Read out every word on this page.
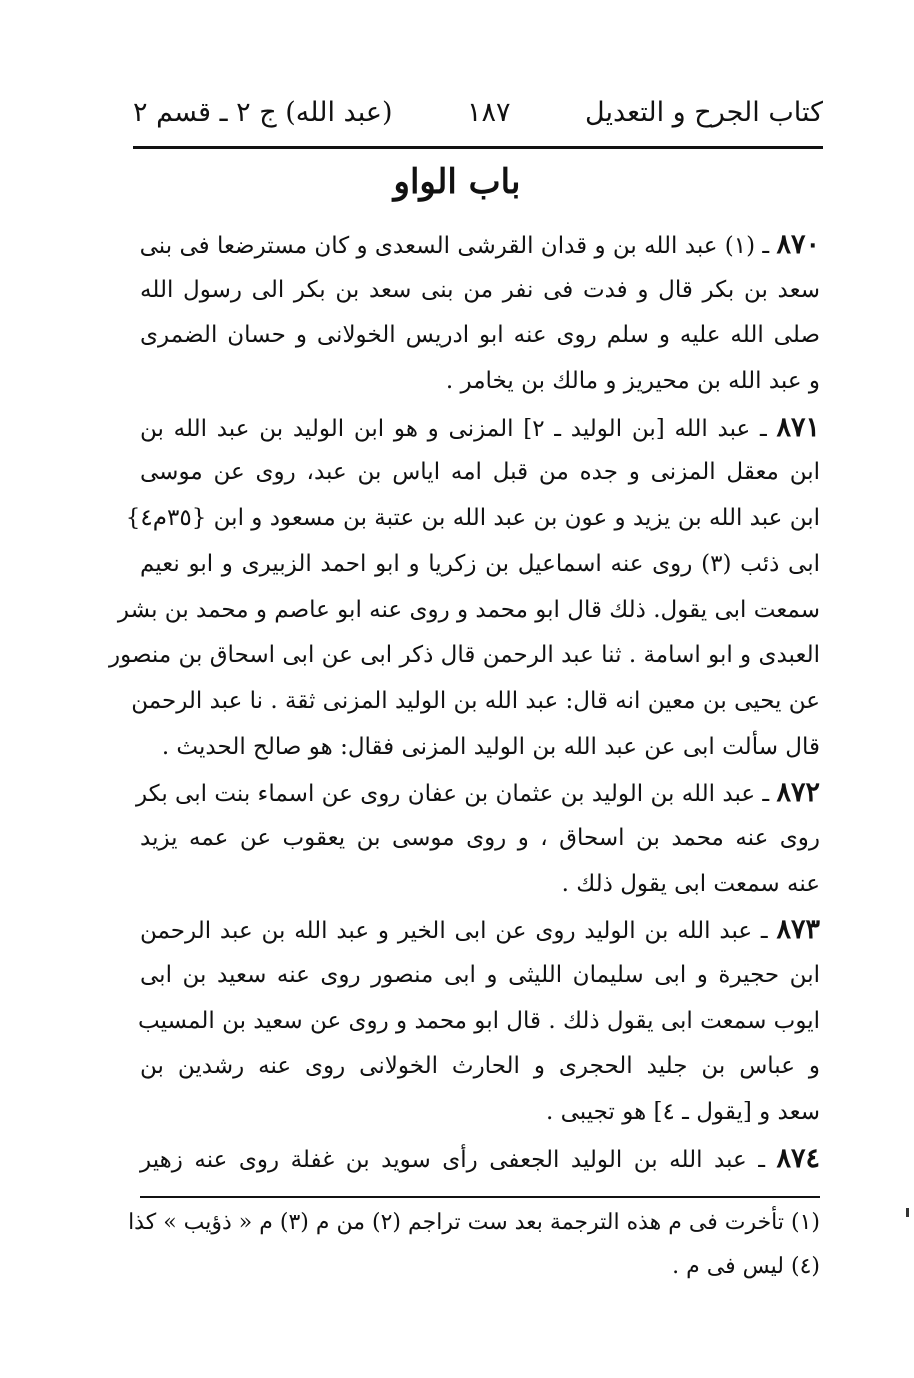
كتاب الجرح و التعديل
١٨٧
(عبد الله) ج ٢ ـ قسم ٢
باب الواو
٨٧٠ ـ (١) عبد الله بن و قدان القرشى السعدى و كان مسترضعا فى بنى
سعد بن بكر قال و فدت فى نفر من بنى سعد بن بكر الى رسول الله
صلى الله عليه و سلم روى عنه ابو ادريس الخولانى و حسان الضمرى
و عبد الله بن محيريز و مالك بن يخامر .
٨٧١ ـ عبد الله [بن الوليد ـ ٢] المزنى و هو ابن الوليد بن عبد الله بن
ابن معقل المزنى و جده من قبل امه اياس بن عبد، روى عن موسى
ابن عبد الله بن يزيد و عون بن عبد الله بن عتبة بن مسعود و ابن {٣٥م٤}
ابى ذئب (٣) روى عنه اسماعيل بن زكريا و ابو احمد الزبيرى و ابو نعيم
سمعت ابى يقول. ذلك قال ابو محمد و روى عنه ابو عاصم و محمد بن بشر
العبدى و ابو اسامة . ثنا عبد الرحمن قال ذكر ابى عن ابى اسحاق بن منصور
عن يحيى بن معين انه قال: عبد الله بن الوليد المزنى ثقة . نا عبد الرحمن
قال سألت ابى عن عبد الله بن الوليد المزنى فقال: هو صالح الحديث .
٨٧٢ ـ عبد الله بن الوليد بن عثمان بن عفان روى عن اسماء بنت ابى بكر
روى عنه محمد بن اسحاق ، و روى موسى بن يعقوب عن عمه يزيد
عنه سمعت ابى يقول ذلك .
٨٧٣ ـ عبد الله بن الوليد روى عن ابى الخير و عبد الله بن عبد الرحمن
ابن حجيرة و ابى سليمان الليثى و ابى منصور روى عنه سعيد بن ابى
ايوب سمعت ابى يقول ذلك . قال ابو محمد و روى عن سعيد بن المسيب
و عباس بن جليد الحجرى و الحارث الخولانى روى عنه رشدين بن
سعد و [يقول ـ ٤] هو تجيبى .
٨٧٤ ـ عبد الله بن الوليد الجعفى رأى سويد بن غفلة روى عنه زهير
(١) تأخرت فى م هذه الترجمة بعد ست تراجم (٢) من م (٣) م « ذؤيب » كذا
(٤) ليس فى م .
